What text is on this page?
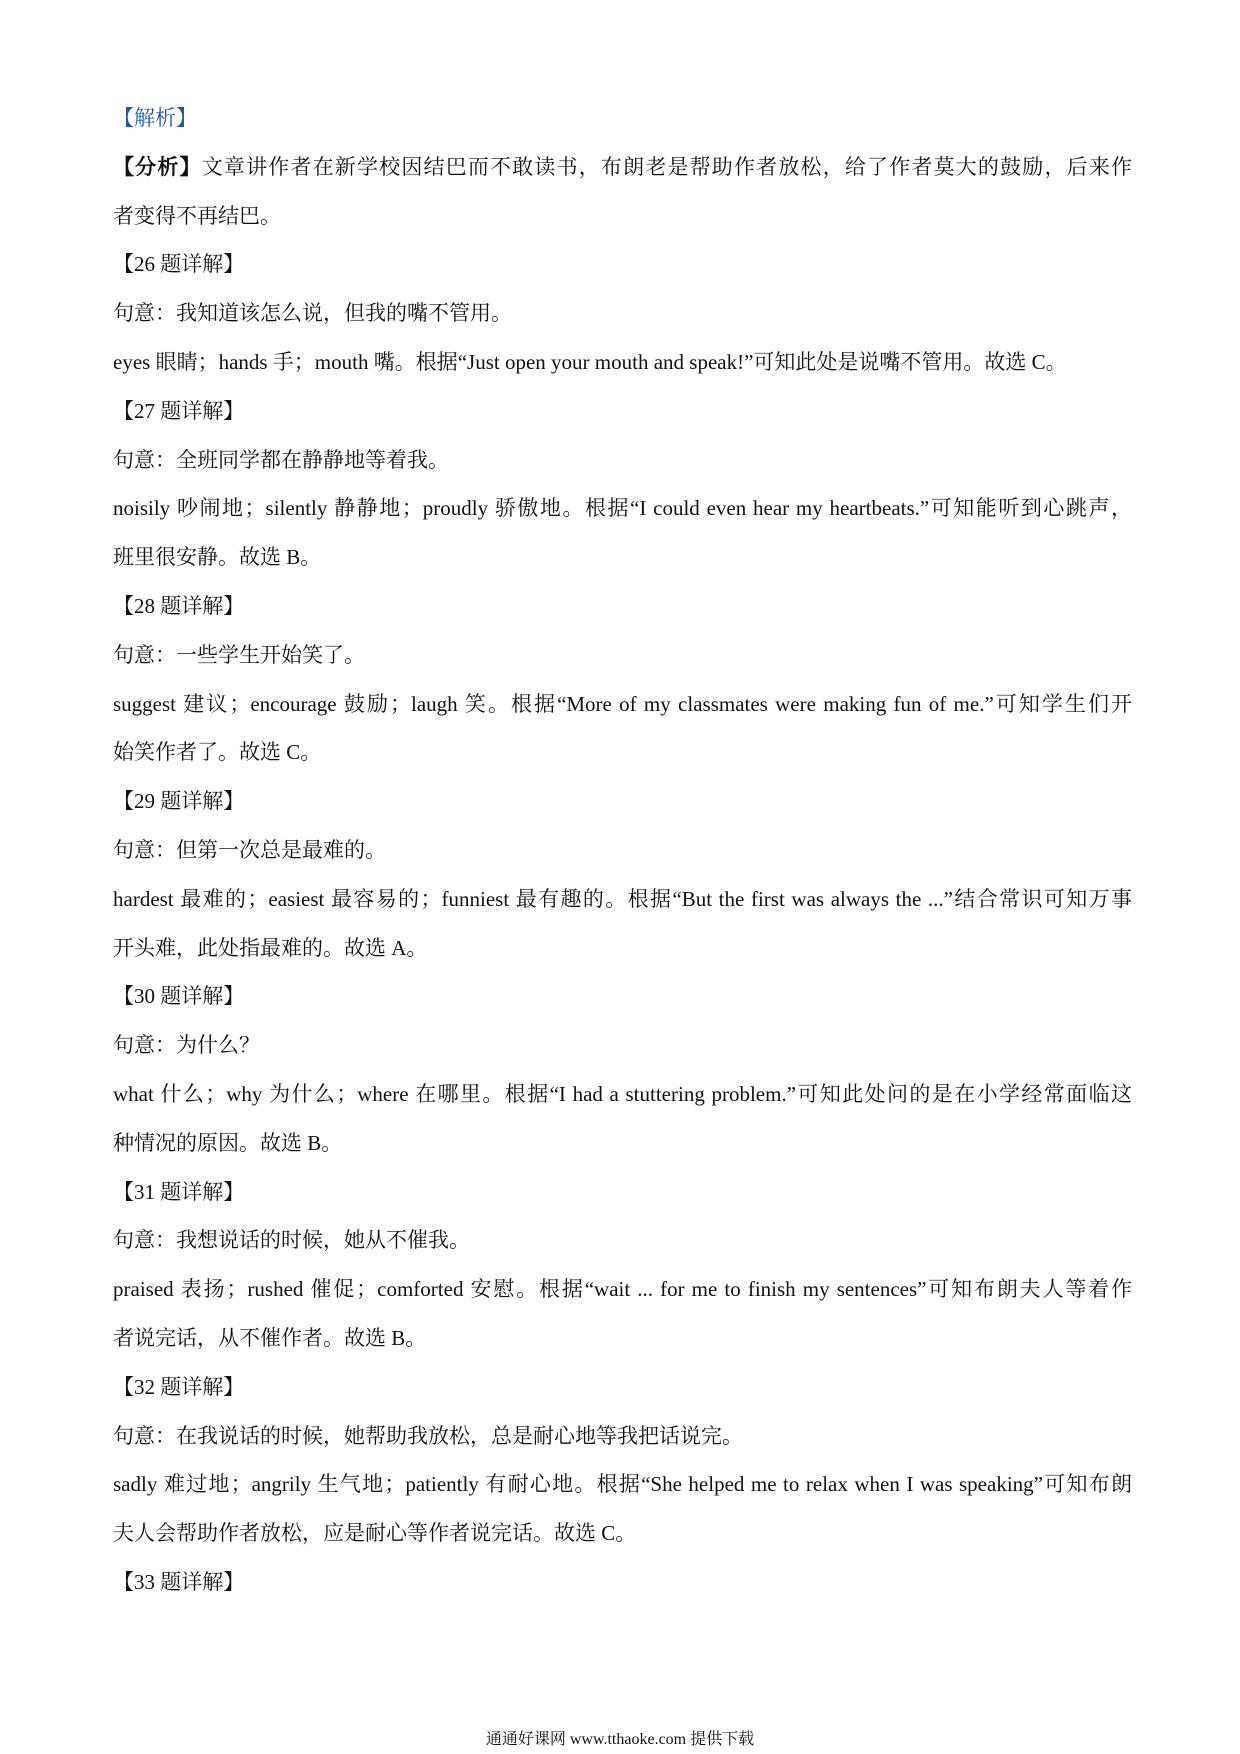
【解析】
【分析】文章讲作者在新学校因结巴而不敢读书，布朗老是帮助作者放松，给了作者莫大的鼓励，后来作
者变得不再结巴。
【26 题详解】
句意：我知道该怎么说，但我的嘴不管用。
eyes 眼睛；hands 手；mouth 嘴。根据“Just open your mouth and speak!”可知此处是说嘴不管用。故选 C。
【27 题详解】
句意：全班同学都在静静地等着我。
noisily 吵闹地；silently 静静地；proudly 骄傲地。根据“I could even hear my heartbeats.”可知能听到心跳声，
班里很安静。故选 B。
【28 题详解】
句意：一些学生开始笑了。
suggest 建议；encourage 鼓励；laugh 笑。根据“More of my classmates were making fun of me.”可知学生们开
始笑作者了。故选 C。
【29 题详解】
句意：但第一次总是最难的。
hardest 最难的；easiest 最容易的；funniest 最有趣的。根据“But the first was always the ...”结合常识可知万事
开头难，此处指最难的。故选 A。
【30 题详解】
句意：为什么？
what 什么；why 为什么；where 在哪里。根据“I had a stuttering problem.”可知此处问的是在小学经常面临这
种情况的原因。故选 B。
【31 题详解】
句意：我想说话的时候，她从不催我。
praised 表扬；rushed 催促；comforted 安慰。根据“wait ... for me to finish my sentences”可知布朗夫人等着作
者说完话，从不催作者。故选 B。
【32 题详解】
句意：在我说话的时候，她帮助我放松，总是耐心地等我把话说完。
sadly 难过地；angrily 生气地；patiently 有耐心地。根据“She helped me to relax when I was speaking”可知布朗
夫人会帮助作者放松，应是耐心等作者说完话。故选 C。
【33 题详解】
通通好课网 www.tthaoke.com 提供下载
